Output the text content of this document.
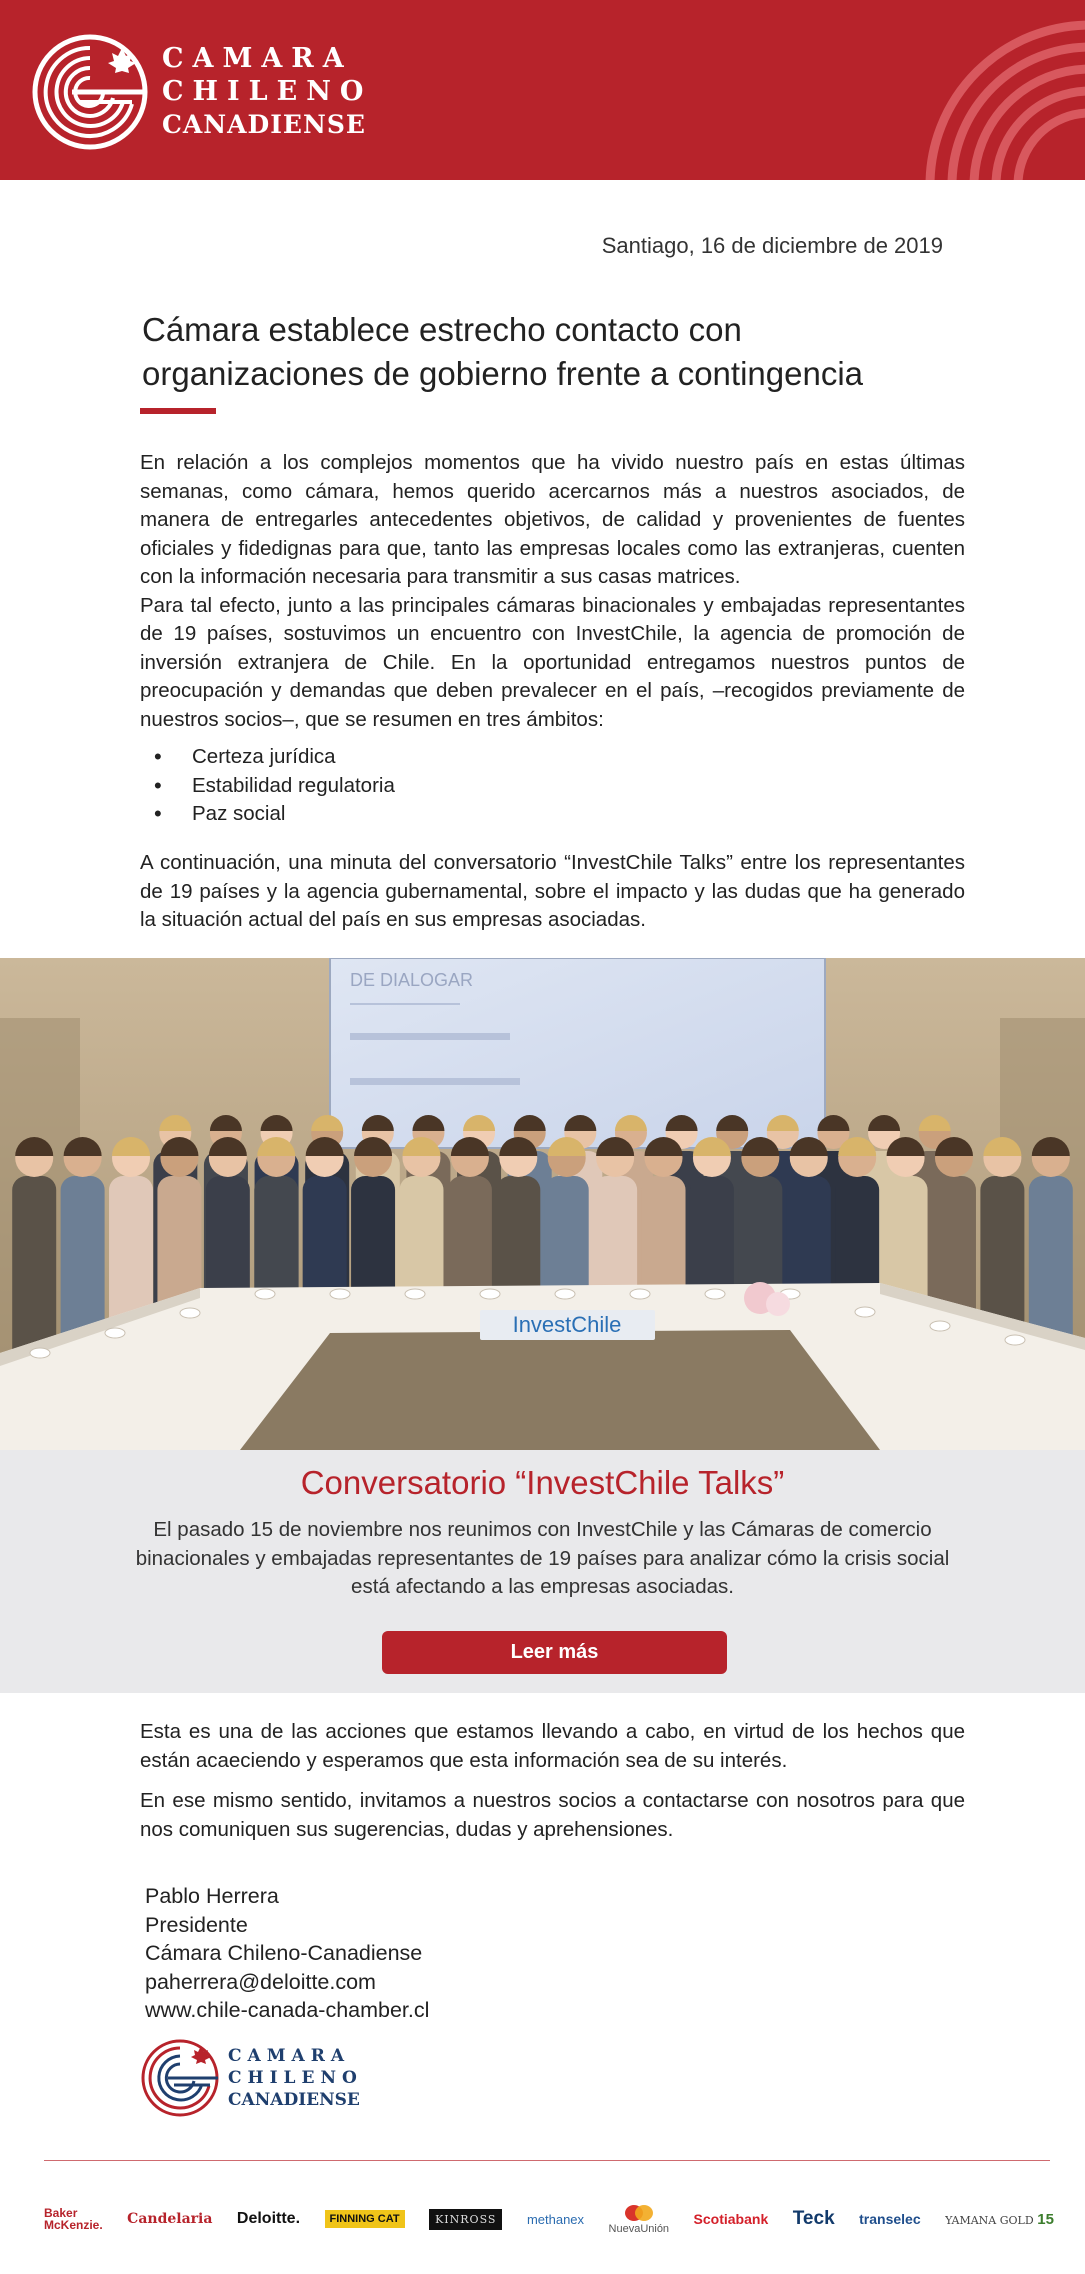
CAMARA
CHILENO
CANADIENSE
Santiago, 16 de diciembre de 2019
Cámara establece estrecho contacto con organizaciones de gobierno frente a contingencia

En relación a los complejos momentos que ha vivido nuestro país en estas últimas semanas, como cámara, hemos querido acercarnos más a nuestros asociados, de manera de entregarles antecedentes objetivos, de calidad y provenientes de fuentes oficiales y fidedignas para que, tanto las empresas locales como las extranjeras, cuenten con la información necesaria para transmitir a sus casas matrices.

Para tal efecto, junto a las principales cámaras binacionales y embajadas representantes de 19 países, sostuvimos un encuentro con InvestChile, la agencia de promoción de inversión extranjera de Chile. En la oportunidad entregamos nuestros puntos de preocupación y demandas que deben prevalecer en el país, –recogidos previamente de nuestros socios–, que se resumen en tres ámbitos:

• Certeza jurídica
• Estabilidad regulatoria
• Paz social

A continuación, una minuta del conversatorio “InvestChile Talks” entre los representantes de 19 países y la agencia gubernamental, sobre el impacto y las dudas que ha generado la situación actual del país en sus empresas asociadas.

DE DIALOGAR
InvestChile
Conversatorio “InvestChile Talks”
El pasado 15 de noviembre nos reunimos con InvestChile y las Cámaras de comercio binacionales y embajadas representantes de 19 países para analizar cómo la crisis social está afectando a las empresas asociadas.
Leer más

Esta es una de las acciones que estamos llevando a cabo, en virtud de los hechos que están acaeciendo y esperamos que esta información sea de su interés.

En ese mismo sentido, invitamos a nuestros socios a contactarse con nosotros para que nos comuniquen sus sugerencias, dudas y aprehensiones.

Pablo Herrera
Presidente
Cámara Chileno-Canadiense
paherrera@deloitte.com
www.chile-canada-chamber.cl
CAMARA
CHILENO
CANADIENSE
Baker
McKenzie. Candelaria Deloitte.	FINNING CAT	KINROSS	methanex
NuevaUnión
Scotiabank Teck transelec YAMANA GOLD 15
